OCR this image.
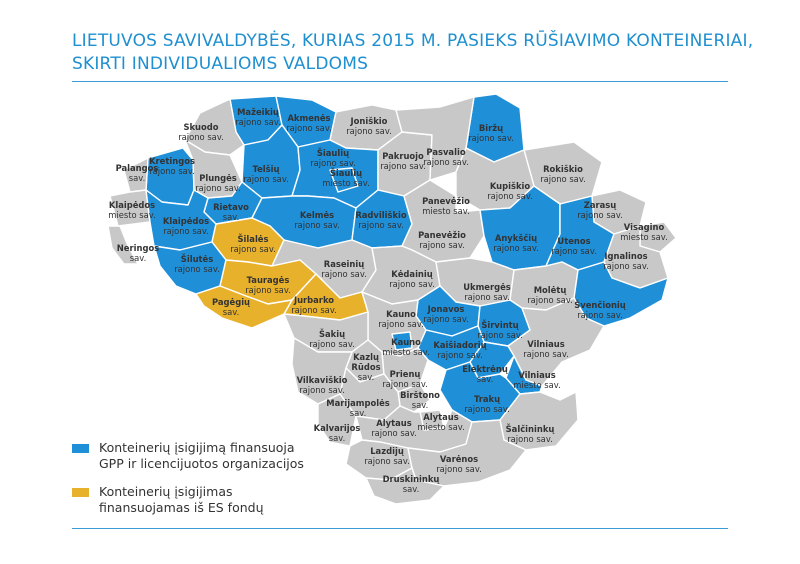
LIETUVOS SAVIVALDYBĖS, KURIAS 2015 M. PASIEKS RŪŠIAVIMO KONTEINERIAI,
SKIRTI INDIVIDUALIOMS VALDOMS
Mažeikių rajono sav. Akmenės rajono sav.
Joniškio rajono sav.
Skuodo rajono sav.
Biržų rajono sav.
Kretingos rajono sav.
Plungės rajono sav.
Telšių rajono sav.
Šiaulių rajono sav.
Šiaulių miesto sav.
Pakruojo rajono sav.
Pasvalio rajono sav.
Rokiškio rajono sav.
Palangos sav.
Kupiškio rajono sav.
Klaipėdos miesto sav.
Rietavo sav.
Klaipėdos rajono sav.
Kelmės rajono sav.
Radviliškio rajono sav.
Panevėžio miesto sav.
Zarasų rajono sav.
Visagino miesto sav.
Neringos sav.
Šilalės rajono sav.
Panevėžio rajono sav.
Anykščių rajono sav.
Utenos rajono sav.
Šilutės rajono sav.	Raseinių rajono sav.	Kėdainių rajono sav.
Ignalinos rajono sav.
Tauragės rajono sav.	Ukmergės rajono sav.
Molėtų rajono sav.
Jurbarko rajono sav.
Pagėgių sav.
Švenčionių rajono sav.
Jonavos rajono sav.
Širvintų rajono sav.
Kauno rajono sav.
Šakių rajono sav.	Kauno miesto sav.
Vilniaus rajono sav.
Kaišiadorių rajono sav.
Kazlų Rūdos sav.
Elektrėnų sav.	Vilniaus miesto sav.
Vilkaviškio rajono sav.
Prienų rajono sav.
Birštono sav.
Trakų rajono sav.
Marijampolės sav.	Alytaus miesto sav.
Kalvarijos sav.
Alytaus rajono sav.	Šalčininkų rajono sav.
Lazdijų rajono sav.	Varėnos rajono sav.
Druskininkų sav.
Konteinerių įsigijimą finansuoja
GPP ir licencijuotos organizacijos
Konteinerių įsigijimas
finansuojamas iš ES fondų
